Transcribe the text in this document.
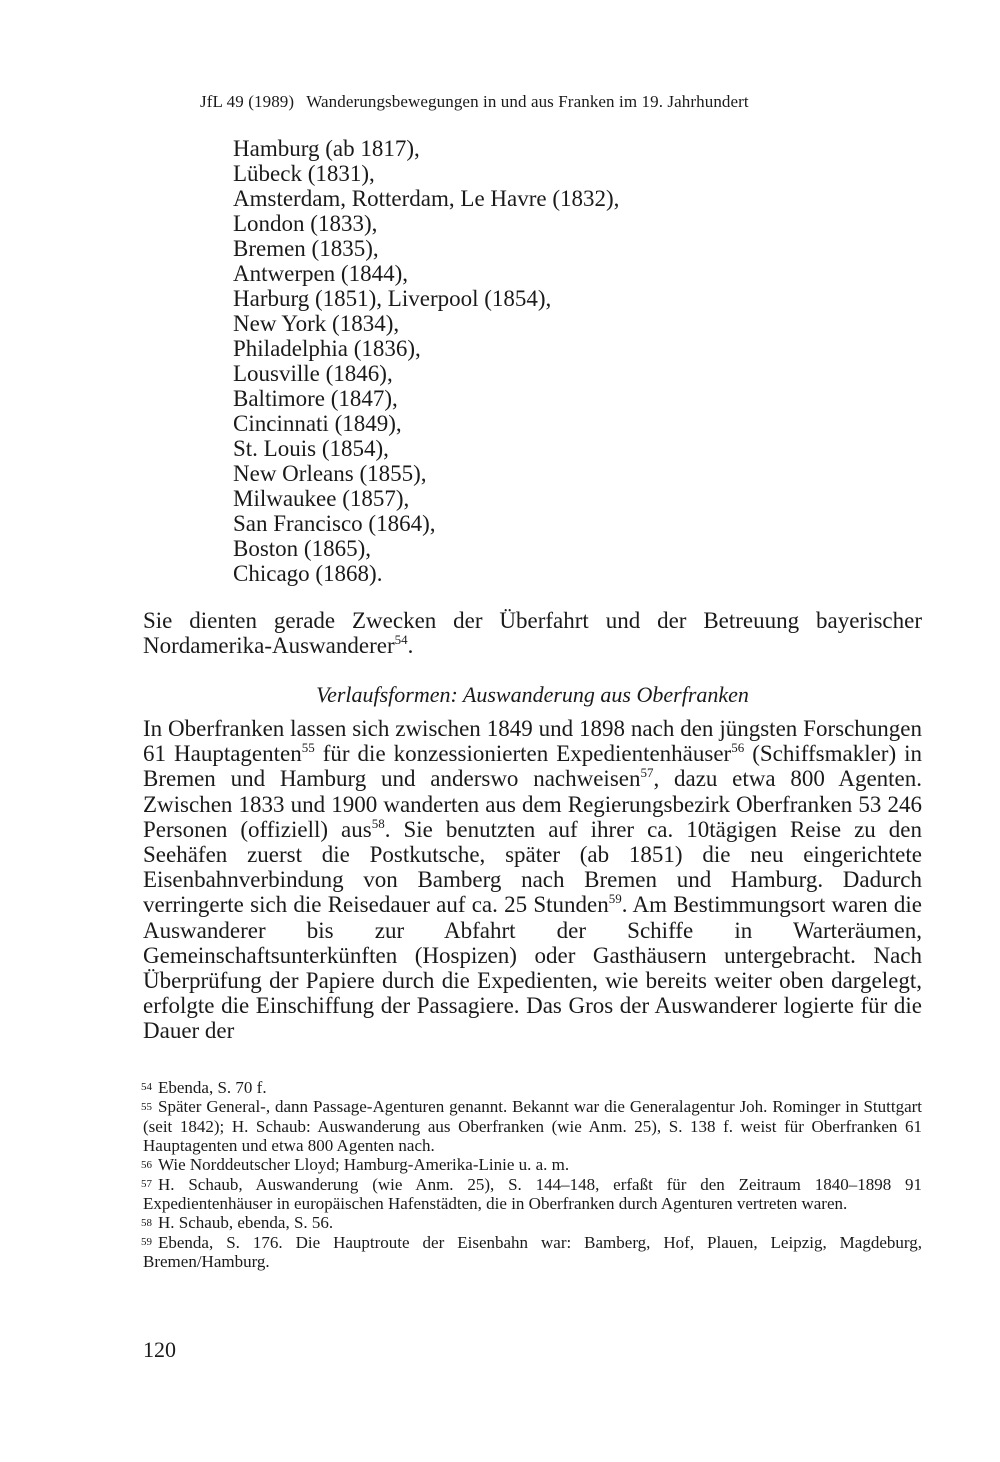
JfL 49 (1989) Wanderungsbewegungen in und aus Franken im 19. Jahrhundert
Hamburg (ab 1817),
Lübeck (1831),
Amsterdam, Rotterdam, Le Havre (1832),
London (1833),
Bremen (1835),
Antwerpen (1844),
Harburg (1851), Liverpool (1854),
New York (1834),
Philadelphia (1836),
Lousville (1846),
Baltimore (1847),
Cincinnati (1849),
St. Louis (1854),
New Orleans (1855),
Milwaukee (1857),
San Francisco (1864),
Boston (1865),
Chicago (1868).

Sie dienten gerade Zwecken der Überfahrt und der Betreuung bayerischer Nordamerika-Auswanderer$^{54}$.

Verlaufsformen: Auswanderung aus Oberfranken

In Oberfranken lassen sich zwischen 1849 und 1898 nach den jüngsten Forschungen 61 Hauptagenten$^{55}$ für die konzessionierten Expedientenhäuser$^{56}$ (Schiffsmakler) in Bremen und Hamburg und anderswo nachweisen$^{57}$, dazu etwa 800 Agenten. Zwischen 1833 und 1900 wanderten aus dem Regierungsbezirk Oberfranken 53 246 Personen (offiziell) aus$^{58}$. Sie benutzten auf ihrer ca. 10tägigen Reise zu den Seehäfen zuerst die Postkutsche, später (ab 1851) die neu eingerichtete Eisenbahnverbindung von Bamberg nach Bremen und Hamburg. Dadurch verringerte sich die Reisedauer auf ca. 25 Stunden$^{59}$. Am Bestimmungsort waren die Auswanderer bis zur Abfahrt der Schiffe in Warteräumen, Gemeinschaftsunterkünften (Hospizen) oder Gasthäusern untergebracht. Nach Überprüfung der Papiere durch die Expedienten, wie bereits weiter oben dargelegt, erfolgte die Einschiffung der Passagiere. Das Gros der Auswanderer logierte für die Dauer der

54 Ebenda, S. 70 f.

55 Später General-, dann Passage-Agenturen genannt. Bekannt war die Generalagentur Joh. Rominger in Stuttgart (seit 1842); H. Schaub: Auswanderung aus Oberfranken (wie Anm. 25), S. 138 f. weist für Oberfranken 61 Hauptagenten und etwa 800 Agenten nach.

56 Wie Norddeutscher Lloyd; Hamburg-Amerika-Linie u. a. m.

57 H. Schaub, Auswanderung (wie Anm. 25), S. 144–148, erfaßt für den Zeitraum 1840–1898 91 Expedientenhäuser in europäischen Hafenstädten, die in Oberfranken durch Agenturen vertreten waren.

58 H. Schaub, ebenda, S. 56.

59 Ebenda, S. 176. Die Hauptroute der Eisenbahn war: Bamberg, Hof, Plauen, Leipzig, Magdeburg, Bremen/Hamburg.

120
